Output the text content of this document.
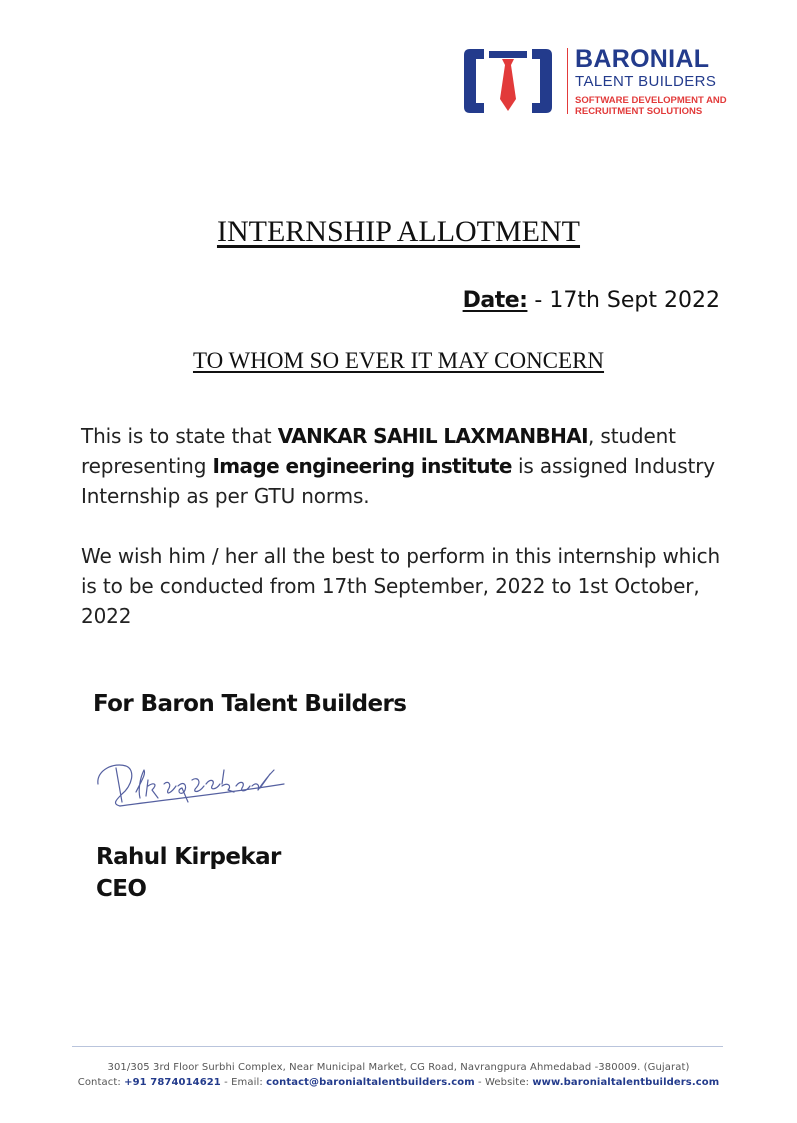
BARONIAL
TALENT BUILDERS
SOFTWARE DEVELOPMENT AND
RECRUITMENT SOLUTIONS
INTERNSHIP ALLOTMENT
Date: - 17th Sept 2022
TO WHOM SO EVER IT MAY CONCERN

This is to state that VANKAR SAHIL LAXMANBHAI, student representing Image engineering institute is assigned Industry Internship as per GTU norms.

We wish him / her all the best to perform in this internship which is to be conducted from 17th September, 2022 to 1st October, 2022

For Baron Talent Builders
Rahul Kirpekar
CEO
301/305 3rd Floor Surbhi Complex, Near Municipal Market, CG Road, Navrangpura Ahmedabad -380009. (Gujarat)
Contact: +91 7874014621 - Email: contact@baronialtalentbuilders.com - Website: www.baronialtalentbuilders.com
